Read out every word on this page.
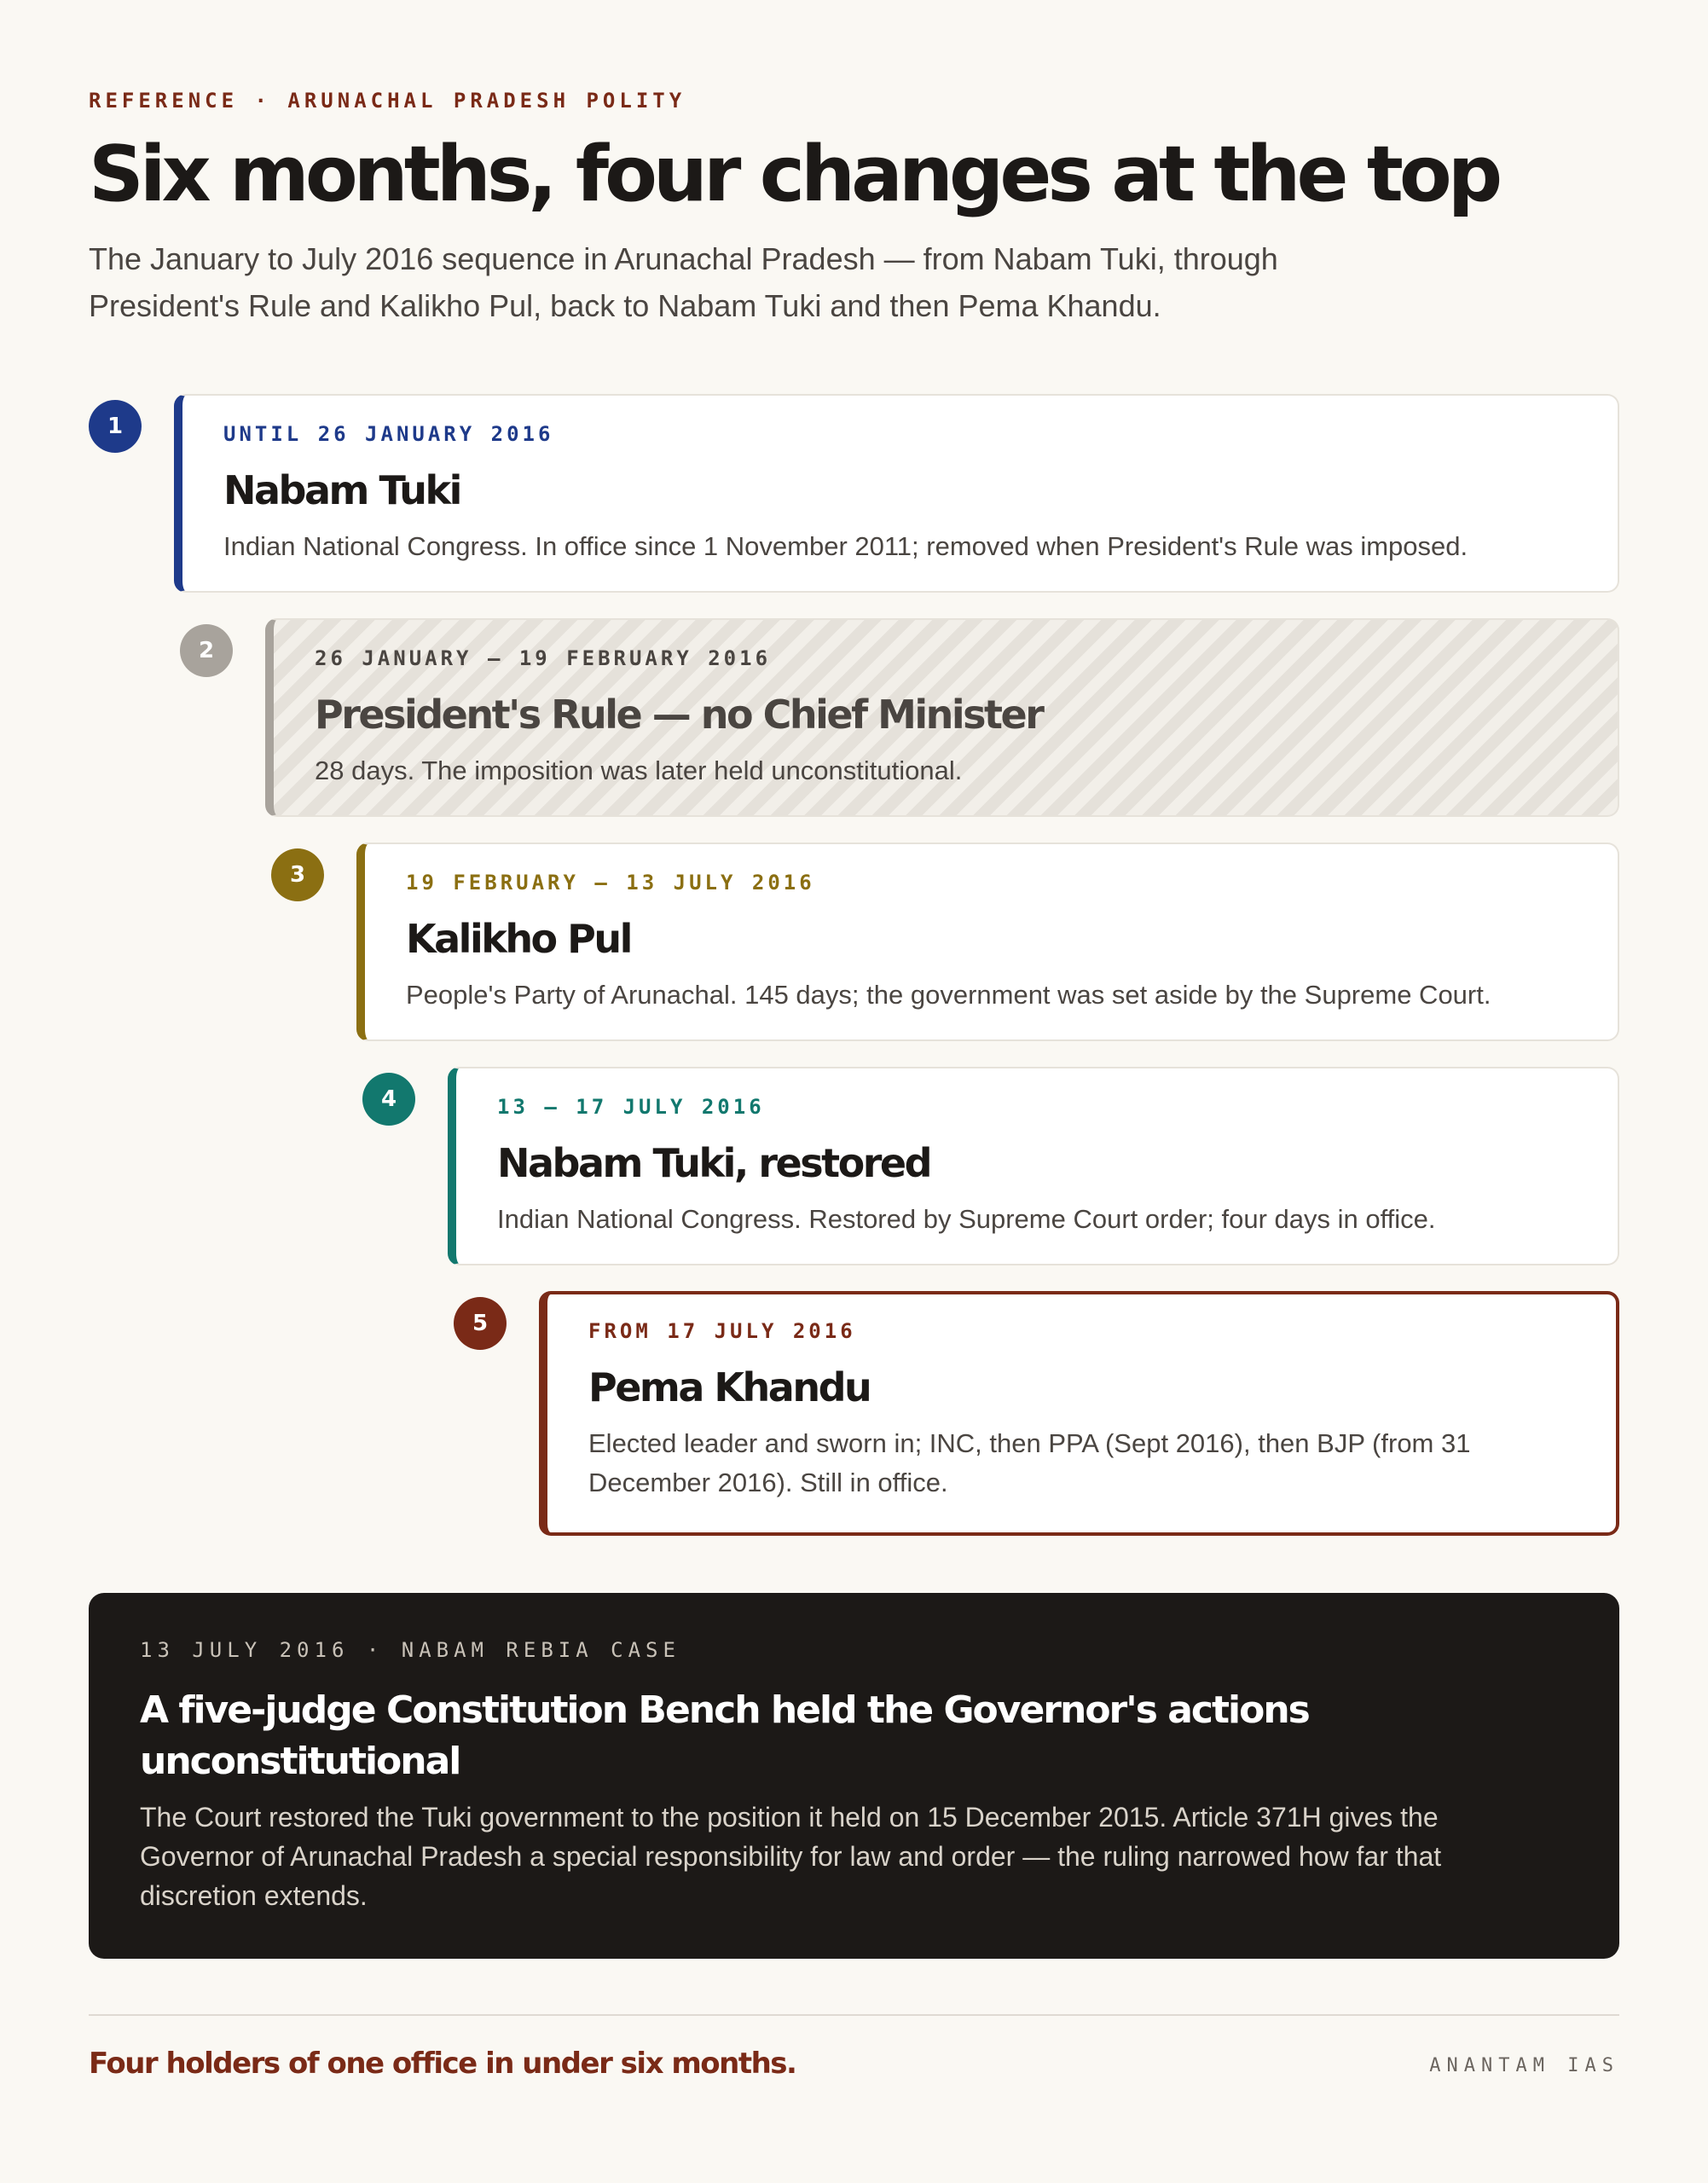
REFERENCE · ARUNACHAL PRADESH POLITY
Six months, four changes at the top

The January to July 2016 sequence in Arunachal Pradesh — from Nabam Tuki, through President's Rule and Kalikho Pul, back to Nabam Tuki and then Pema Khandu.

1	UNTIL 26 JANUARY 2016
Nabam Tuki
Indian National Congress. In office since 1 November 2011; removed when President's Rule was imposed.
2	26 JANUARY – 19 FEBRUARY 2016
President's Rule — no Chief Minister
28 days. The imposition was later held unconstitutional.
3	19 FEBRUARY – 13 JULY 2016
Kalikho Pul
People's Party of Arunachal. 145 days; the government was set aside by the Supreme Court.
4	13 – 17 JULY 2016
Nabam Tuki, restored
Indian National Congress. Restored by Supreme Court order; four days in office.
5	FROM 17 JULY 2016
Pema Khandu
Elected leader and sworn in; INC, then PPA (Sept 2016), then BJP (from 31 December 2016). Still in office.
13 JULY 2016 · NABAM REBIA CASE
A five-judge Constitution Bench held the Governor's actions unconstitutional
The Court restored the Tuki government to the position it held on 15 December 2015. Article 371H gives the Governor of Arunachal Pradesh a special responsibility for law and order — the ruling narrowed how far that discretion extends.
Four holders of one office in under six months.	ANANTAM IAS
